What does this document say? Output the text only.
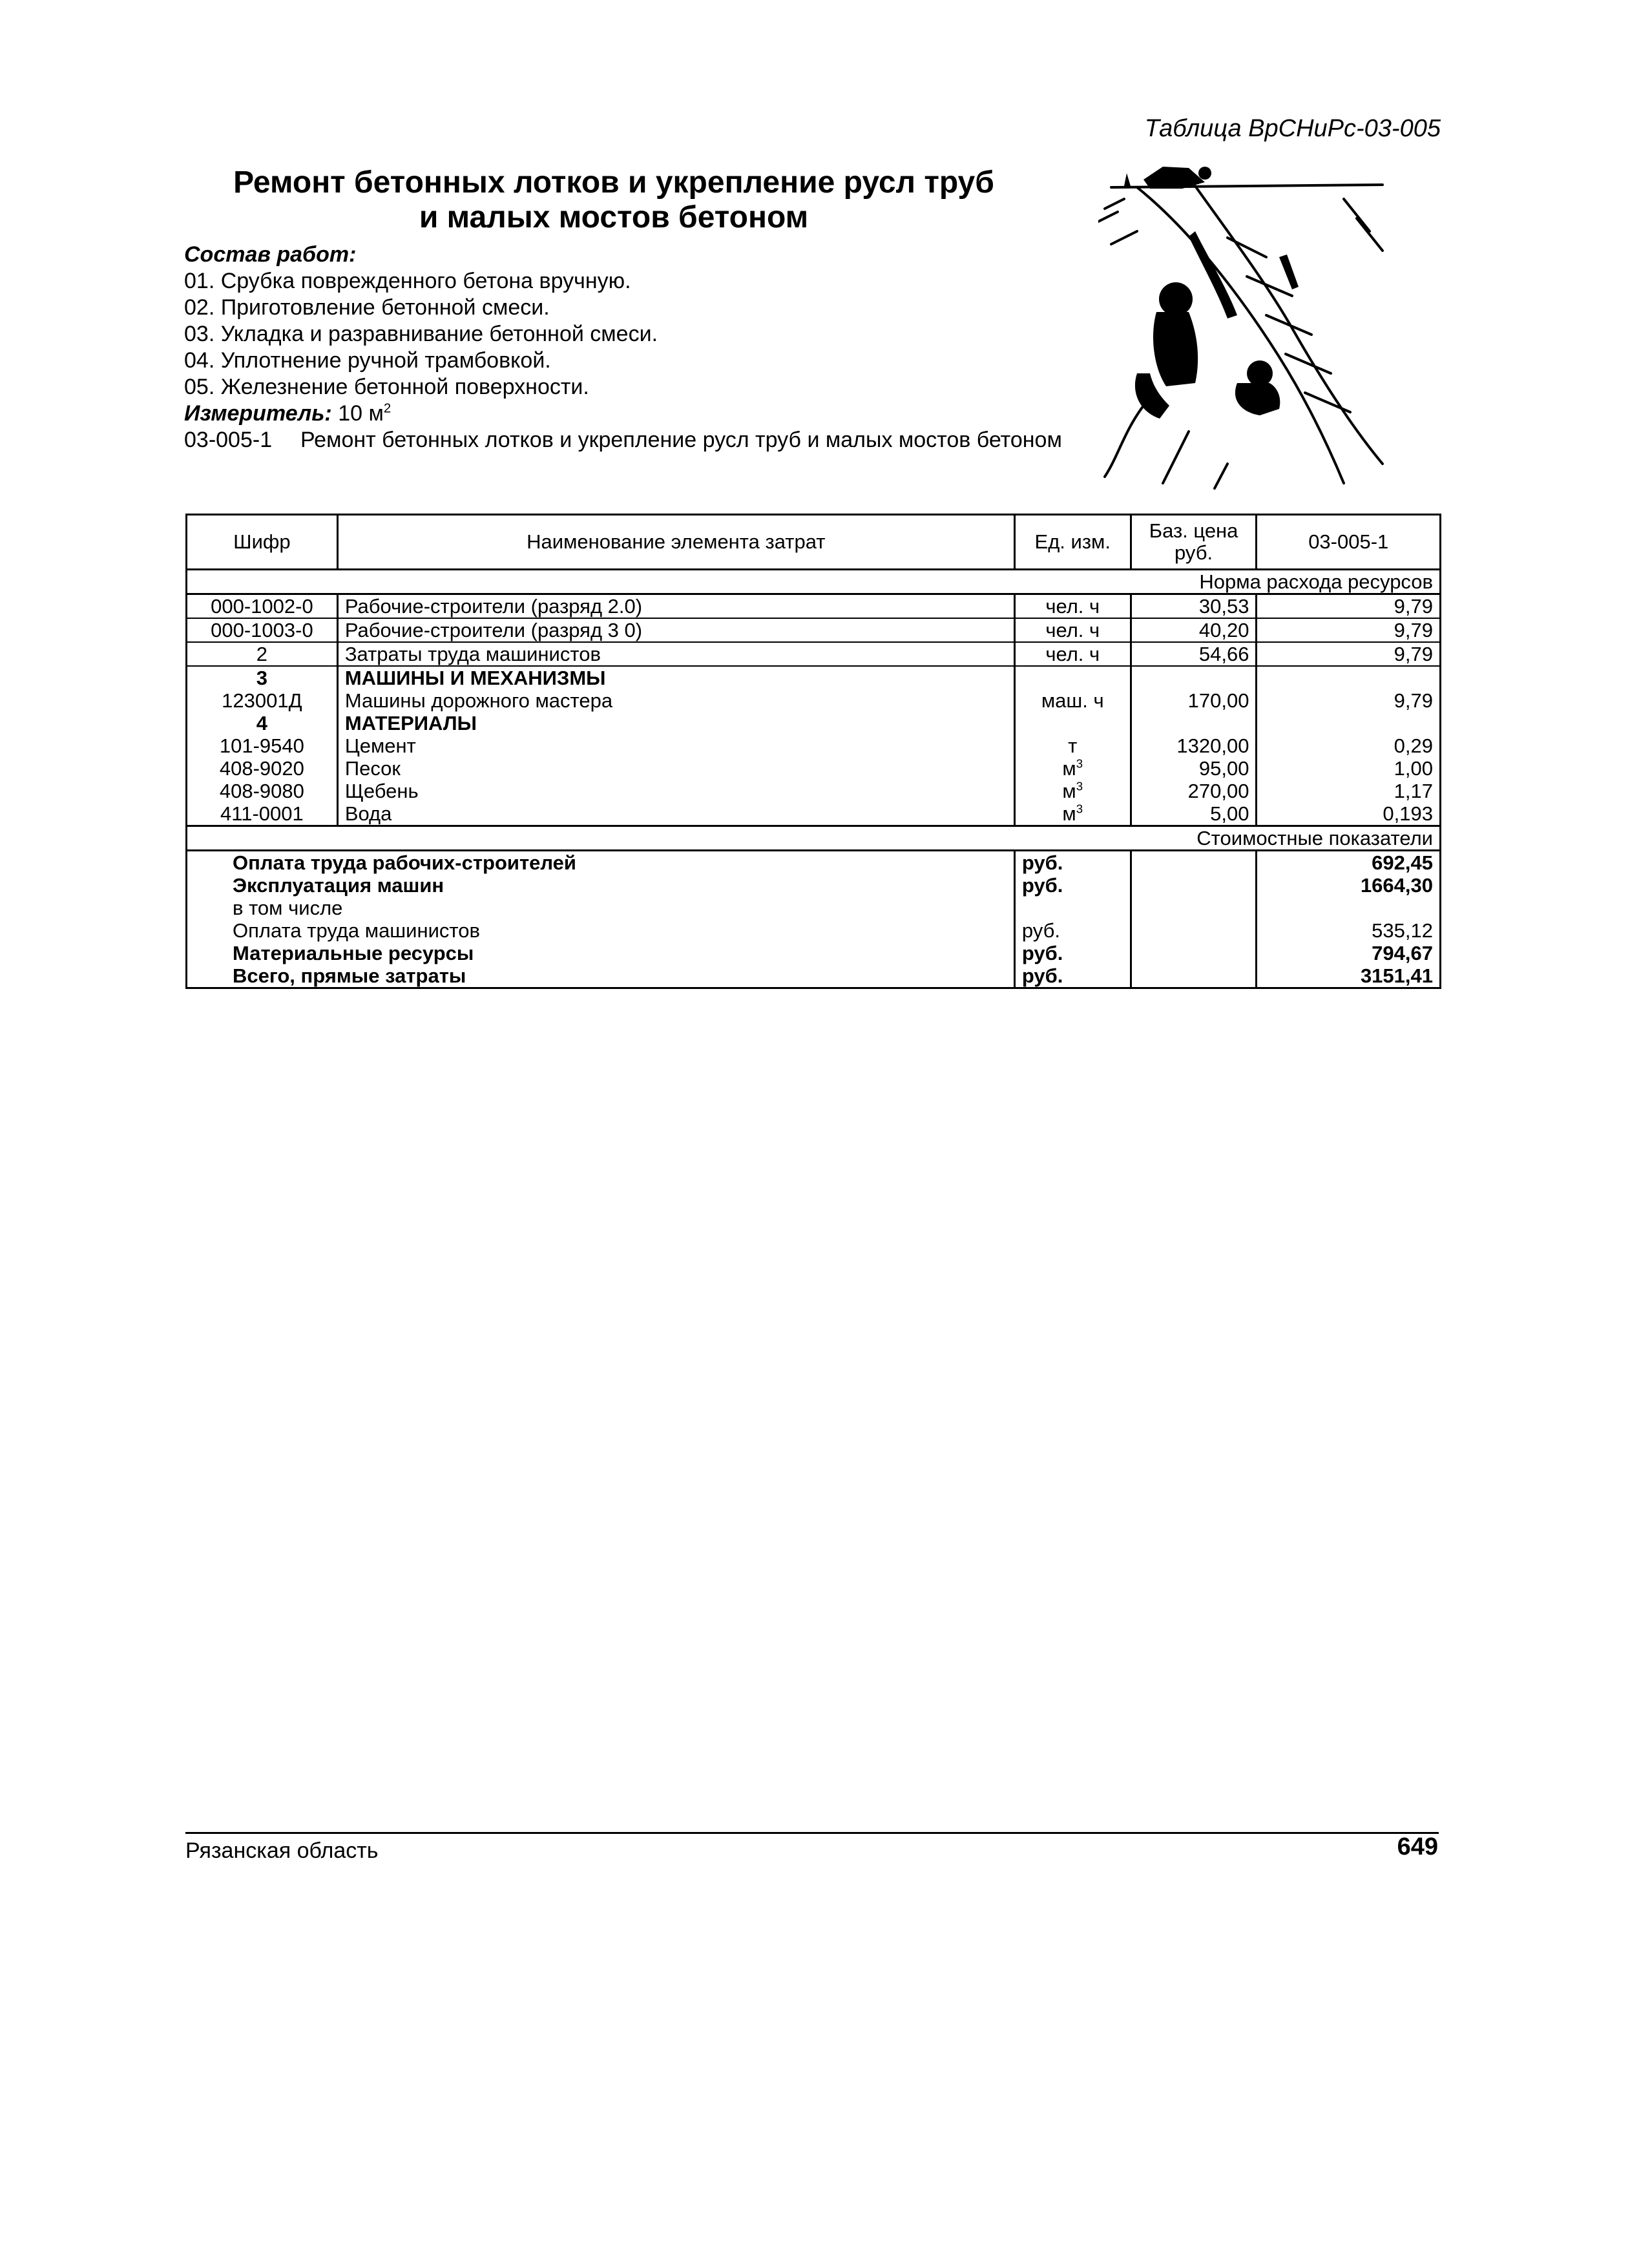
Таблица ВрСНиРс-03-005
Ремонт бетонных лотков и укрепление русл труб
и малых мостов бетоном
Состав работ:
01. Срубка поврежденного бетона вручную.
02. Приготовление бетонной смеси.
03. Укладка и разравнивание бетонной смеси.
04. Уплотнение ручной трамбовкой.
05. Железнение бетонной поверхности.
Измеритель: 10 $м^2$
03-005-1	Ремонт бетонных лотков и укрепление русл труб и малых мостов бетоном
Шифр	Наименование элемента затрат	Ед. изм.	Баз. цена руб.	03-005-1
Норма расхода ресурсов				
000-1002-0	Рабочие-строители (разряд 2.0)	чел. ч	30,53	9,79
000-1003-0	Рабочие-строители (разряд 3 0)	чел. ч	40,20	9,79
2	Затраты труда машинистов	чел. ч	54,66	9,79
3	МАШИНЫ И МЕХАНИЗМЫ			
123001Д	Машины дорожного мастера	маш. ч	170,00	9,79
4	МАТЕРИАЛЫ			
101-9540	Цемент	т	1320,00	0,29
408-9020	Песок	$м^3$	95,00	1,00
408-9080	Щебень	$м^3$	270,00	1,17
411-0001	Вода	$м^3$	5,00	0,193
Стоимостные показатели				
Оплата труда рабочих-строителей		руб.		692,45
Эксплуатация машин		руб.		1664,30
в том числе				
Оплата труда машинистов		руб.		535,12
Материальные ресурсы		руб.		794,67
Всего, прямые затраты		руб.		3151,41
Рязанская область	649
